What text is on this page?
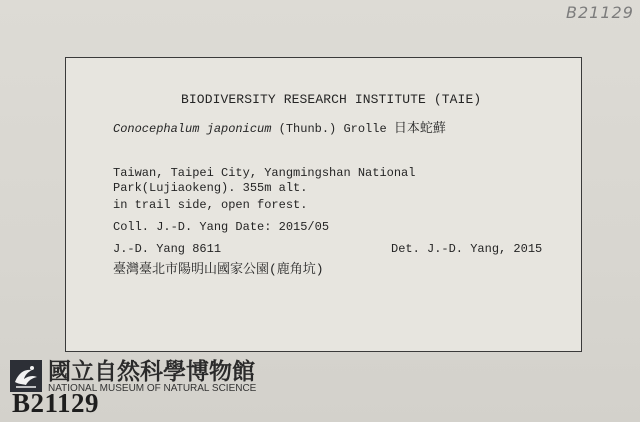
B21129
BIODIVERSITY RESEARCH INSTITUTE (TAIE)
Conocephalum japonicum (Thunb.) Grolle 日本蛇蘚
Taiwan, Taipei City, Yangmingshan National
Park(Lujiaokeng). 355m alt.
in trail side, open forest.
Coll. J.-D. Yang Date: 2015/05
J.-D. Yang 8611	Det. J.-D. Yang, 2015
臺灣臺北市陽明山國家公園(鹿角坑)
國立自然科學博物館
NATIONAL MUSEUM OF NATURAL SCIENCE
B21129
